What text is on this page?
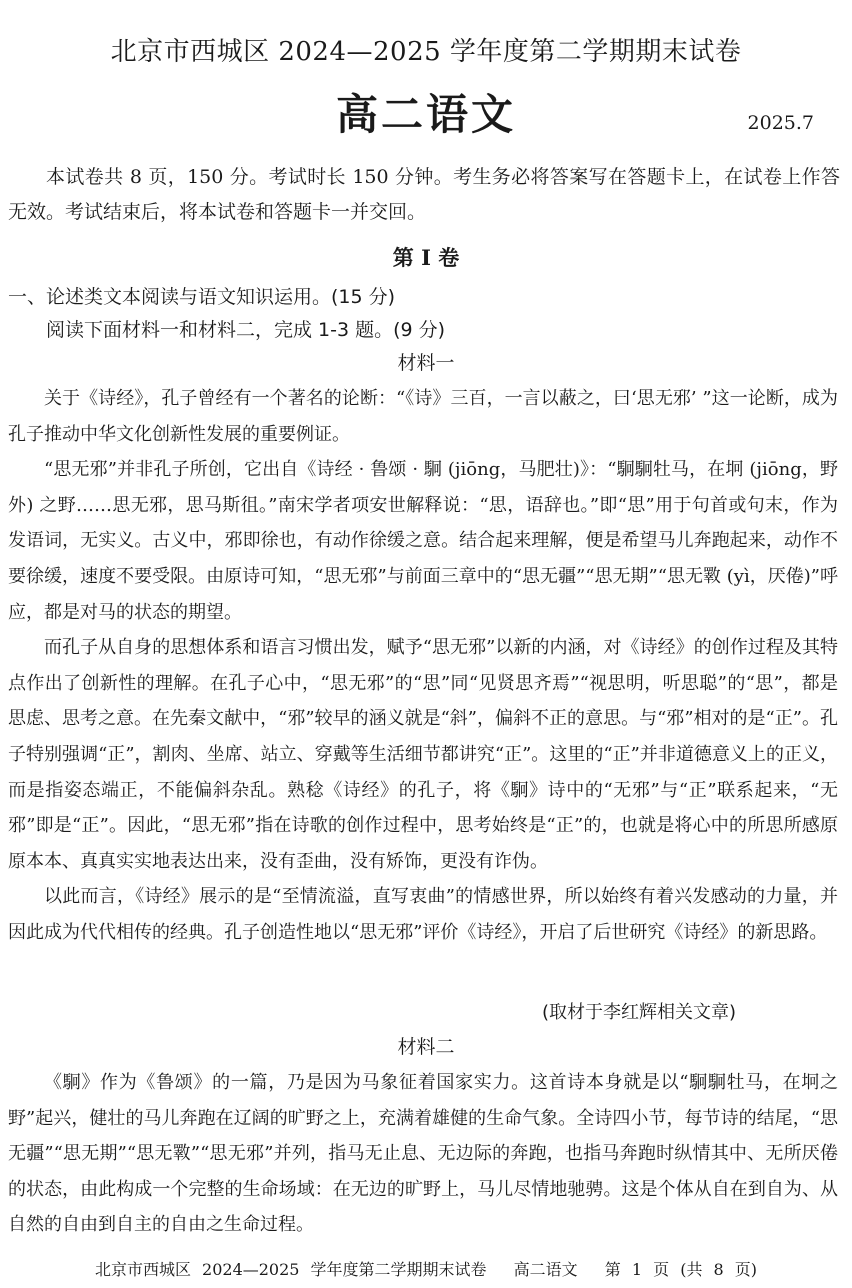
北京市西城区 2024—2025 学年度第二学期期末试卷
高二语文	2025.7
本试卷共 8 页，150 分。考试时长 150 分钟。考生务必将答案写在答题卡上，在试卷上作答无效。考试结束后，将本试卷和答题卡一并交回。
第 I 卷
一、论述类文本阅读与语文知识运用。(15 分)
阅读下面材料一和材料二，完成 1-3 题。(9 分)
材料一

关于《诗经》，孔子曾经有一个著名的论断：“《诗》三百，一言以蔽之，曰‘思无邪’ ”这一论断，成为孔子推动中华文化创新性发展的重要例证。

“思无邪”并非孔子所创，它出自《诗经 · 鲁颂 · 駉 (jiōng，马肥壮)》：“駉駉牡马，在坰 (jiōng，野外) 之野……思无邪，思马斯徂。”南宋学者项安世解释说：“思，语辞也。”即“思”用于句首或句末，作为发语词，无实义。古义中，邪即徐也，有动作徐缓之意。结合起来理解，便是希望马儿奔跑起来，动作不要徐缓，速度不要受限。由原诗可知，“思无邪”与前面三章中的“思无疆”“思无期”“思无斁 (yì，厌倦)”呼应，都是对马的状态的期望。

而孔子从自身的思想体系和语言习惯出发，赋予“思无邪”以新的内涵，对《诗经》的创作过程及其特点作出了创新性的理解。在孔子心中，“思无邪”的“思”同“见贤思齐焉”“视思明，听思聪”的“思”，都是思虑、思考之意。在先秦文献中，“邪”较早的涵义就是“斜”，偏斜不正的意思。与“邪”相对的是“正”。孔子特别强调“正”，割肉、坐席、站立、穿戴等生活细节都讲究“正”。这里的“正”并非道德意义上的正义，而是指姿态端正，不能偏斜杂乱。熟稔《诗经》的孔子，将《駉》诗中的“无邪”与“正”联系起来，“无邪”即是“正”。因此，“思无邪”指在诗歌的创作过程中，思考始终是“正”的，也就是将心中的所思所感原原本本、真真实实地表达出来，没有歪曲，没有矫饰，更没有诈伪。

以此而言，《诗经》展示的是“至情流溢，直写衷曲”的情感世界，所以始终有着兴发感动的力量，并因此成为代代相传的经典。孔子创造性地以“思无邪”评价《诗经》，开启了后世研究《诗经》的新思路。

(取材于李红辉相关文章)
材料二

《駉》作为《鲁颂》的一篇，乃是因为马象征着国家实力。这首诗本身就是以“駉駉牡马，在坰之野”起兴，健壮的马儿奔跑在辽阔的旷野之上，充满着雄健的生命气象。全诗四小节，每节诗的结尾，“思无疆”“思无期”“思无斁”“思无邪”并列，指马无止息、无边际的奔跑，也指马奔跑时纵情其中、无所厌倦的状态，由此构成一个完整的生命场域：在无边的旷野上，马儿尽情地驰骋。这是个体从自在到自为、从自然的自由到自主的自由之生命过程。

北京市西城区 2024—2025 学年度第二学期期末试卷 高二语文 第 1 页 (共 8 页)
